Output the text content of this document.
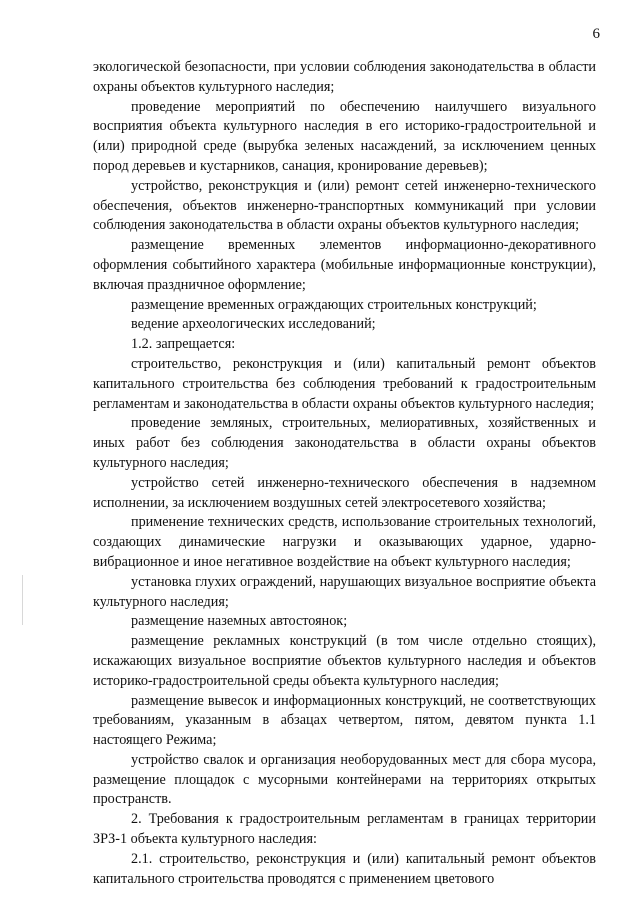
6

экологической безопасности, при условии соблюдения законодательства в области охраны объектов культурного наследия;

проведение мероприятий по обеспечению наилучшего визуального восприятия объекта культурного наследия в его историко-градостроительной и (или) природной среде (вырубка зеленых насаждений, за исключением ценных пород деревьев и кустарников, санация, кронирование деревьев);

устройство, реконструкция и (или) ремонт сетей инженерно-технического обеспечения, объектов инженерно-транспортных коммуникаций при условии соблюдения законодательства в области охраны объектов культурного наследия;

размещение временных элементов информационно-декоративного оформления событийного характера (мобильные информационные конструкции), включая праздничное оформление;

размещение временных ограждающих строительных конструкций;

ведение археологических исследований;

1.2. запрещается:

строительство, реконструкция и (или) капитальный ремонт объектов капитального строительства без соблюдения требований к градостроительным регламентам и законодательства в области охраны объектов культурного наследия;

проведение земляных, строительных, мелиоративных, хозяйственных и иных работ без соблюдения законодательства в области охраны объектов культурного наследия;

устройство сетей инженерно-технического обеспечения в надземном исполнении, за исключением воздушных сетей электросетевого хозяйства;

применение технических средств, использование строительных технологий, создающих динамические нагрузки и оказывающих ударное, ударно-вибрационное и иное негативное воздействие на объект культурного наследия;

установка глухих ограждений, нарушающих визуальное восприятие объекта культурного наследия;

размещение наземных автостоянок;

размещение рекламных конструкций (в том числе отдельно стоящих), искажающих визуальное восприятие объектов культурного наследия и объектов историко-градостроительной среды объекта культурного наследия;

размещение вывесок и информационных конструкций, не соответствующих требованиям, указанным в абзацах четвертом, пятом, девятом пункта 1.1 настоящего Режима;

устройство свалок и организация необорудованных мест для сбора мусора, размещение площадок с мусорными контейнерами на территориях открытых пространств.

2. Требования к градостроительным регламентам в границах территории ЗРЗ-1 объекта культурного наследия:

2.1. строительство, реконструкция и (или) капитальный ремонт объектов капитального строительства проводятся с применением цветового
